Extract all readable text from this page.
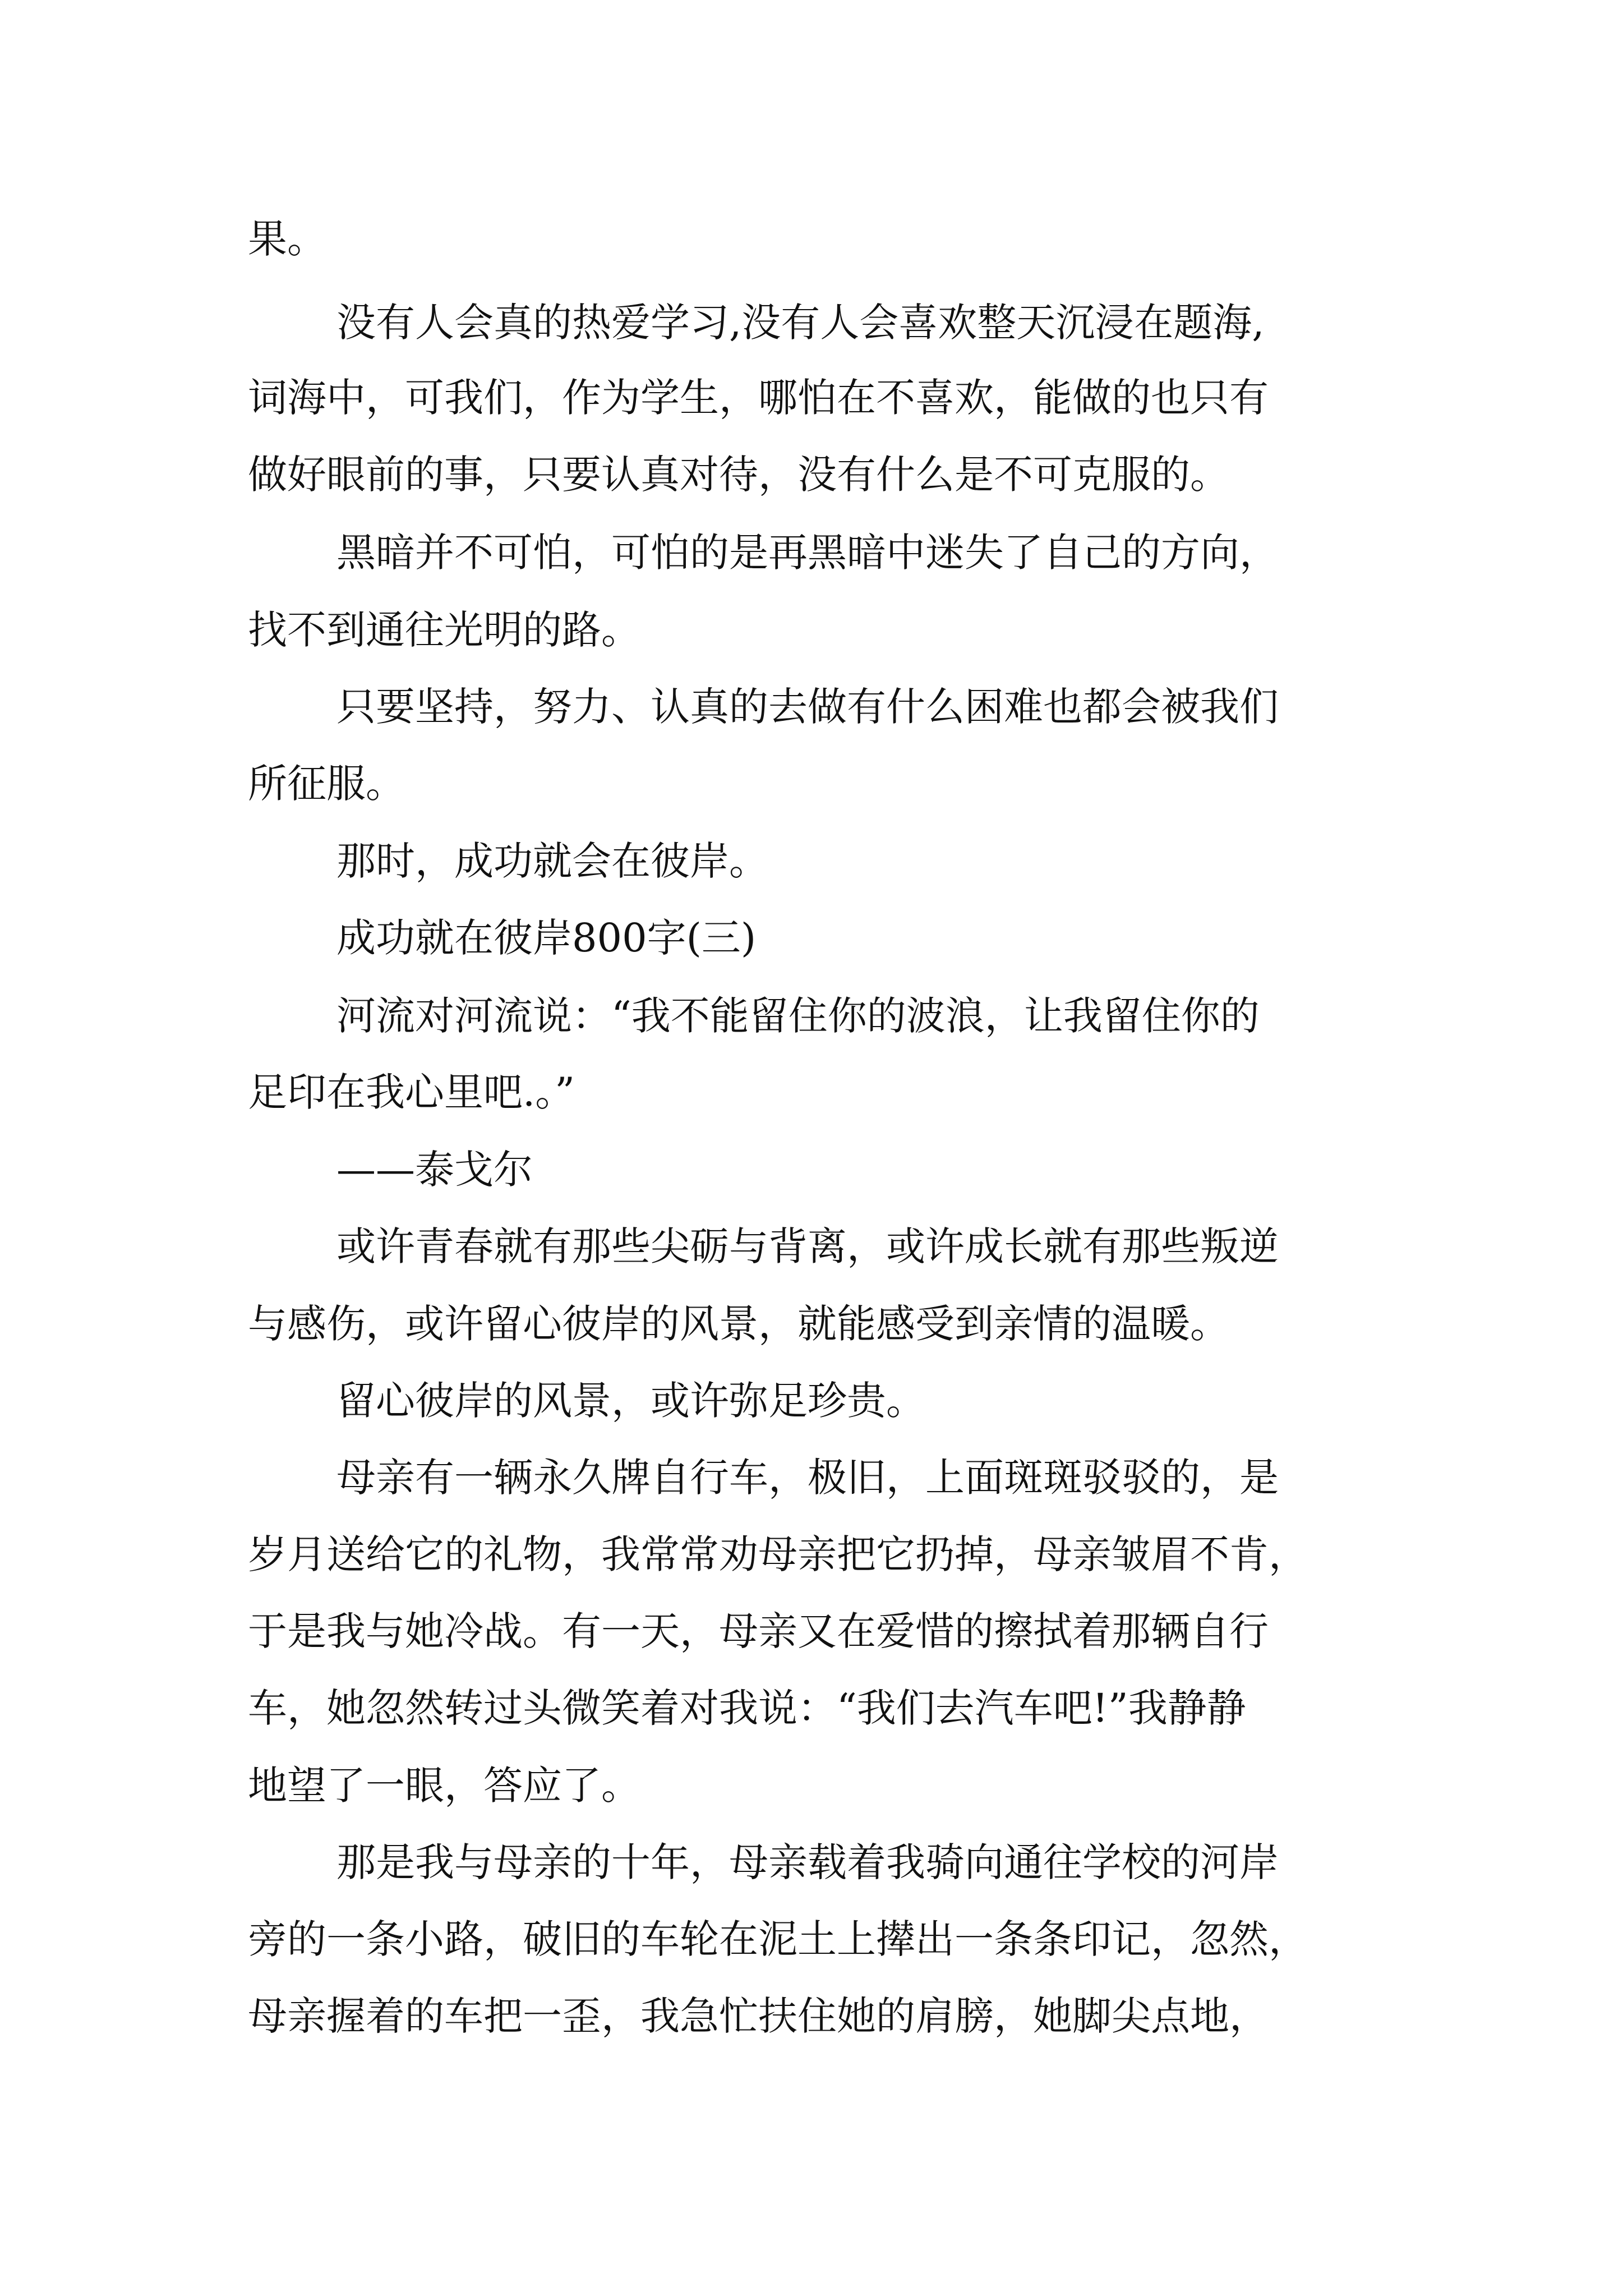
果。
没有人会真的热爱学习,没有人会喜欢整天沉浸在题海,
词海中，可我们，作为学生，哪怕在不喜欢，能做的也只有
做好眼前的事，只要认真对待，没有什么是不可克服的。
黑暗并不可怕，可怕的是再黑暗中迷失了自己的方向，
找不到通往光明的路。
只要坚持，努力、认真的去做有什么困难也都会被我们
所征服。
那时，成功就会在彼岸。
成功就在彼岸800字(三)
河流对河流说：“我不能留住你的波浪，让我留住你的
足印在我心里吧.。”
——泰戈尔
或许青春就有那些尖砺与背离，或许成长就有那些叛逆
与感伤，或许留心彼岸的风景，就能感受到亲情的温暖。
留心彼岸的风景，或许弥足珍贵。
母亲有一辆永久牌自行车，极旧，上面斑斑驳驳的，是
岁月送给它的礼物，我常常劝母亲把它扔掉，母亲皱眉不肯，
于是我与她冷战。有一天，母亲又在爱惜的擦拭着那辆自行
车，她忽然转过头微笑着对我说：“我们去汽车吧!”我静静
地望了一眼，答应了。
那是我与母亲的十年，母亲载着我骑向通往学校的河岸
旁的一条小路，破旧的车轮在泥土上撵出一条条印记，忽然，
母亲握着的车把一歪，我急忙扶住她的肩膀，她脚尖点地，
